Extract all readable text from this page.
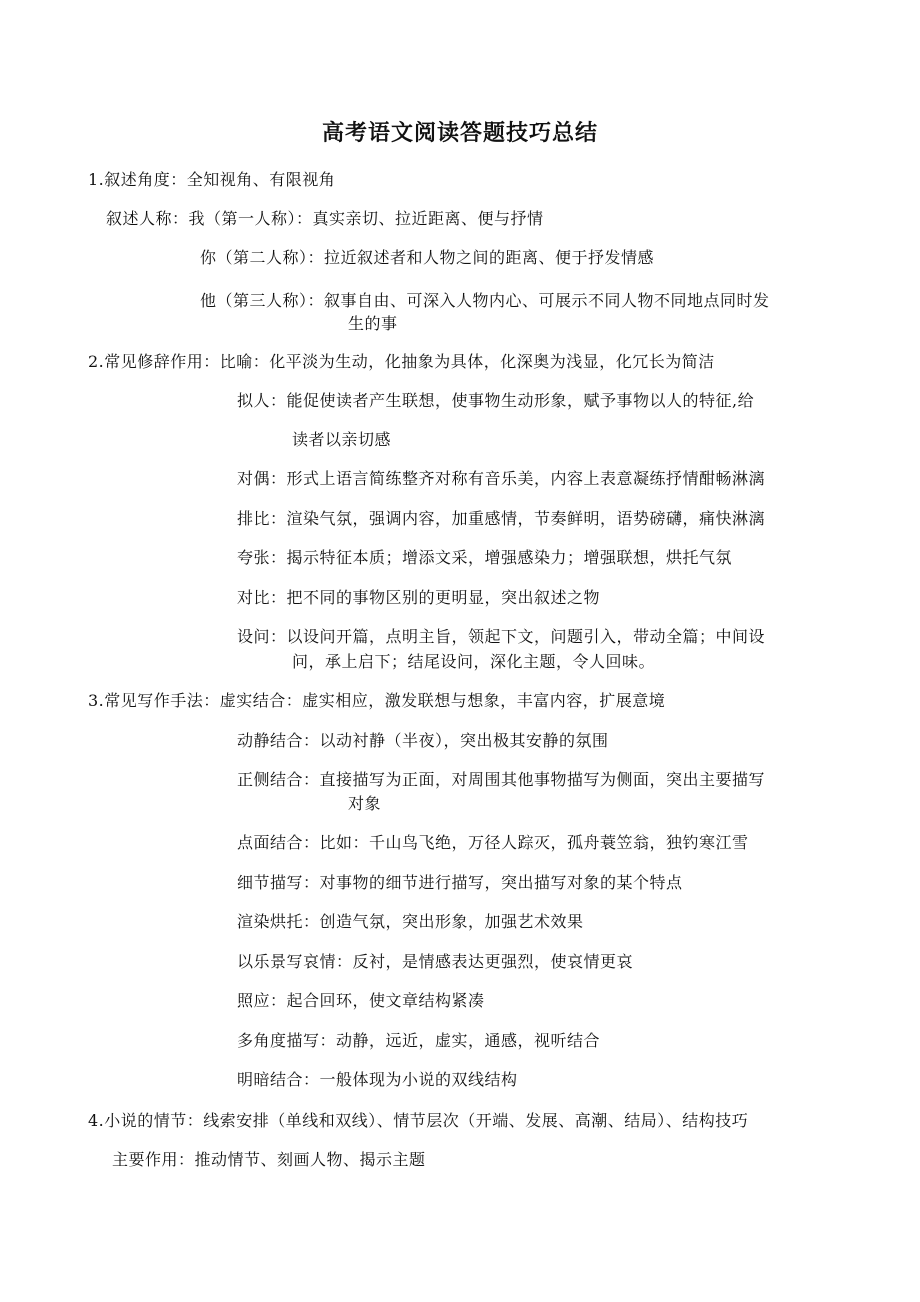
高考语文阅读答题技巧总结
1.叙述角度：全知视角、有限视角
叙述人称：我（第一人称）：真实亲切、拉近距离、便与抒情
你（第二人称）：拉近叙述者和人物之间的距离、便于抒发情感
他（第三人称）：叙事自由、可深入人物内心、可展示不同人物不同地点同时发
生的事
2.常见修辞作用：比喻：化平淡为生动，化抽象为具体，化深奥为浅显，化冗长为简洁
拟人：能促使读者产生联想，使事物生动形象，赋予事物以人的特征,给
读者以亲切感
对偶：形式上语言简练整齐对称有音乐美，内容上表意凝练抒情酣畅淋漓
排比：渲染气氛，强调内容，加重感情，节奏鲜明，语势磅礴，痛快淋漓
夸张：揭示特征本质；增添文采，增强感染力；增强联想，烘托气氛
对比：把不同的事物区别的更明显，突出叙述之物
设问：以设问开篇，点明主旨，领起下文，问题引入，带动全篇；中间设
问，承上启下；结尾设问，深化主题，令人回味。
3.常见写作手法：虚实结合：虚实相应，激发联想与想象，丰富内容，扩展意境
动静结合：以动衬静（半夜），突出极其安静的氛围
正侧结合：直接描写为正面，对周围其他事物描写为侧面，突出主要描写
对象
点面结合：比如：千山鸟飞绝，万径人踪灭，孤舟蓑笠翁，独钓寒江雪
细节描写：对事物的细节进行描写，突出描写对象的某个特点
渲染烘托：创造气氛，突出形象，加强艺术效果
以乐景写哀情：反衬，是情感表达更强烈，使哀情更哀
照应：起合回环，使文章结构紧凑
多角度描写：动静，远近，虚实，通感，视听结合
明暗结合：一般体现为小说的双线结构
4.小说的情节：线索安排（单线和双线）、情节层次（开端、发展、高潮、结局）、结构技巧
主要作用：推动情节、刻画人物、揭示主题
